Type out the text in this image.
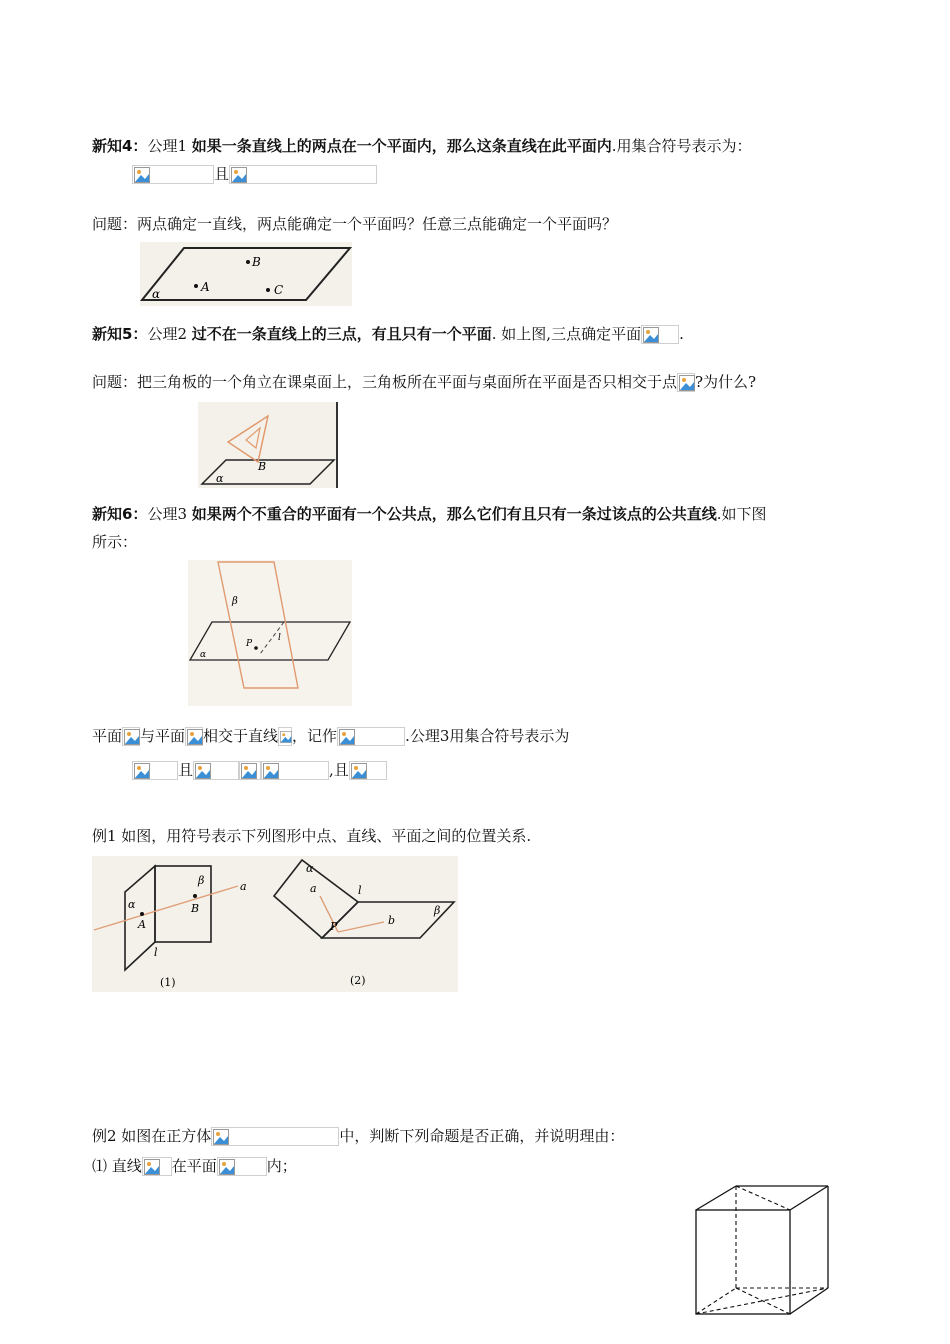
新知4：公理1 如果一条直线上的两点在一个平面内，那么这条直线在此平面内.用集合符号表示为：
且
问题：两点确定一直线，两点能确定一个平面吗？任意三点能确定一个平面吗？
B
A	C
α
新知5：公理2 过不在一条直线上的三点，有且只有一个平面. 如上图,三点确定平面	.
问题：把三角板的一个角立在课桌面上，三角板所在平面与桌面所在平面是否只相交于点 ?为什么?
B
α
新知6：公理3 如果两个不重合的平面有一个公共点，那么它们有且只有一条过该点的公共直线.如下图
所示：
P
l
β
α
平面 与平面 相交于直线 ，记作	.公理3用集合符号表示为
且	,且
例1 如图，用符号表示下列图形中点、直线、平面之间的位置关系.
α
β
A
B
a
l
(1)
α
a	l
P	b
β
(2)
例2 如图在正方体	中，判断下列命题是否正确，并说明理由：
⑴ 直线 在平面	内；
